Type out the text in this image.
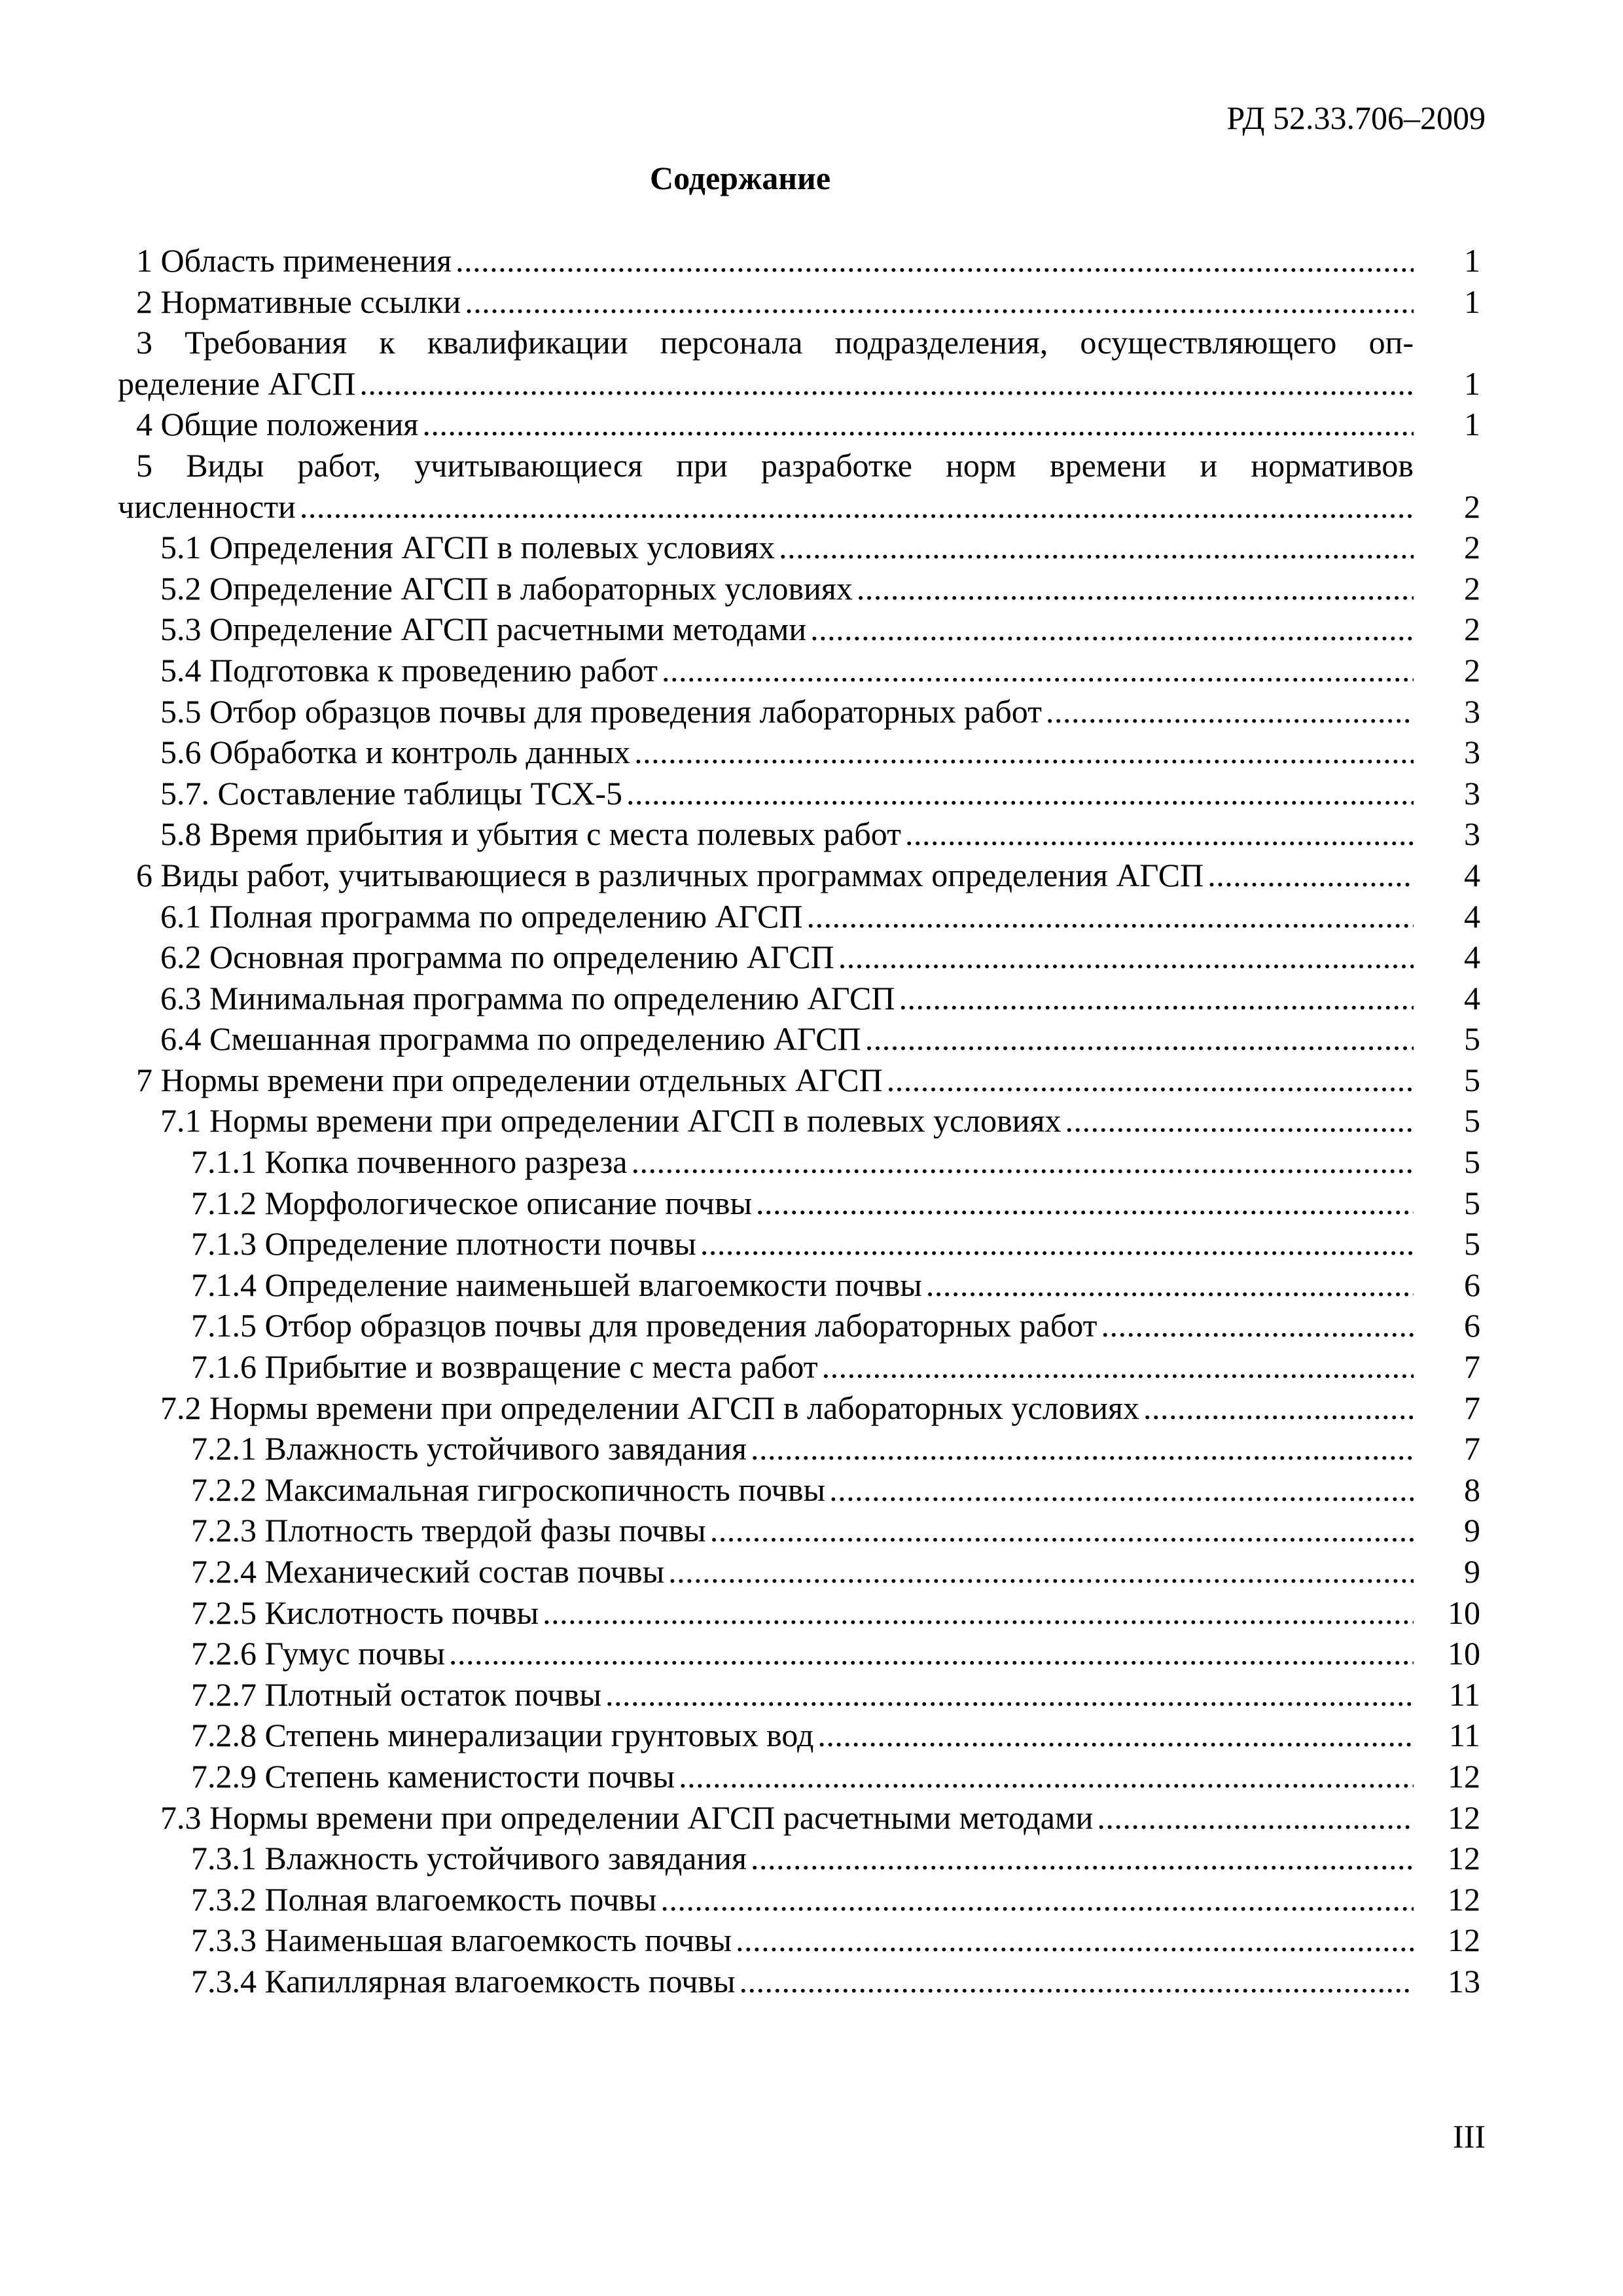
РД 52.33.706–2009
Содержание
1 Область применения . . .	1
2 Нормативные ссылки . . .	1
3 Требования к квалификации персонала подразделения, осуществляющего оп-
ределение АГСП . . .	1
4 Общие положения . . .	1
5 Виды работ, учитывающиеся при разработке норм времени и нормативов
численности . . .	2
5.1 Определения АГСП в полевых условиях . . .	2
5.2 Определение АГСП в лабораторных условиях . . .	2
5.3 Определение АГСП расчетными методами . . .	2
5.4 Подготовка к проведению работ . . .	2
5.5 Отбор образцов почвы для проведения лабораторных работ . . .	3
5.6 Обработка и контроль данных . . .	3
5.7. Составление таблицы ТСХ-5 . . .	3
5.8 Время прибытия и убытия с места полевых работ . . .	3
6 Виды работ, учитывающиеся в различных программах определения АГСП . . .	4
6.1 Полная программа по определению АГСП . . .	4
6.2 Основная программа по определению АГСП . . .	4
6.3 Минимальная программа по определению АГСП . . .	4
6.4 Смешанная программа по определению АГСП . . .	5
7 Нормы времени при определении отдельных АГСП . . .	5
7.1 Нормы времени при определении АГСП в полевых условиях . . .	5
7.1.1 Копка почвенного разреза . . .	5
7.1.2 Морфологическое описание почвы . . .	5
7.1.3 Определение плотности почвы . . .	5
7.1.4 Определение наименьшей влагоемкости почвы . . .	6
7.1.5 Отбор образцов почвы для проведения лабораторных работ . . .	6
7.1.6 Прибытие и возвращение с места работ . . .	7
7.2 Нормы времени при определении АГСП в лабораторных условиях . . .	7
7.2.1 Влажность устойчивого завядания . . .	7
7.2.2 Максимальная гигроскопичность почвы . . .	8
7.2.3 Плотность твердой фазы почвы . . .	9
7.2.4 Механический состав почвы . . .	9
7.2.5 Кислотность почвы . . .	10
7.2.6 Гумус почвы . . .	10
7.2.7 Плотный остаток почвы . . .	11
7.2.8 Степень минерализации грунтовых вод . . .	11
7.2.9 Степень каменистости почвы . . .	12
7.3 Нормы времени при определении АГСП расчетными методами . . .	12
7.3.1 Влажность устойчивого завядания . . .	12
7.3.2 Полная влагоемкость почвы . . .	12
7.3.3 Наименьшая влагоемкость почвы . . .	12
7.3.4 Капиллярная влагоемкость почвы . . .	13
III
